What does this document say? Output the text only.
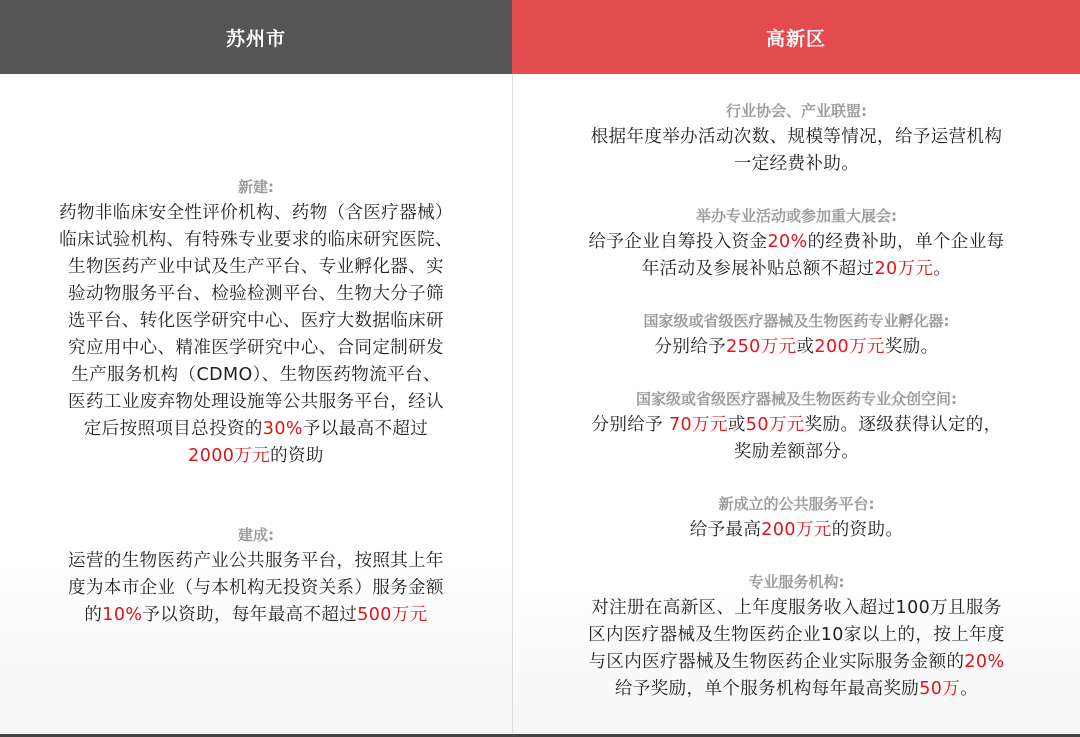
苏州市	高新区
新建:
药物非临床安全性评价机构、药物（含医疗器械）
临床试验机构、有特殊专业要求的临床研究医院、
生物医药产业中试及生产平台、专业孵化器、实
验动物服务平台、检验检测平台、生物大分子筛
选平台、转化医学研究中心、医疗大数据临床研
究应用中心、精准医学研究中心、合同定制研发
生产服务机构（CDMO）、生物医药物流平台、
医药工业废弃物处理设施等公共服务平台，经认
定后按照项目总投资的30%予以最高不超过
2000万元的资助
建成:
运营的生物医药产业公共服务平台，按照其上年
度为本市企业（与本机构无投资关系）服务金额
的10%予以资助，每年最高不超过500万元
行业协会、产业联盟:
根据年度举办活动次数、规模等情况，给予运营机构
一定经费补助。
举办专业活动或参加重大展会:
给予企业自筹投入资金20%的经费补助，单个企业每
年活动及参展补贴总额不超过20万元。
国家级或省级医疗器械及生物医药专业孵化器:
分别给予250万元或200万元奖励。
国家级或省级医疗器械及生物医药专业众创空间:
分别给予 70万元或50万元奖励。逐级获得认定的，
奖励差额部分。
新成立的公共服务平台:
给予最高200万元的资助。
专业服务机构:
对注册在高新区、上年度服务收入超过100万且服务
区内医疗器械及生物医药企业10家以上的，按上年度
与区内医疗器械及生物医药企业实际服务金额的20%
给予奖励，单个服务机构每年最高奖励50万。
